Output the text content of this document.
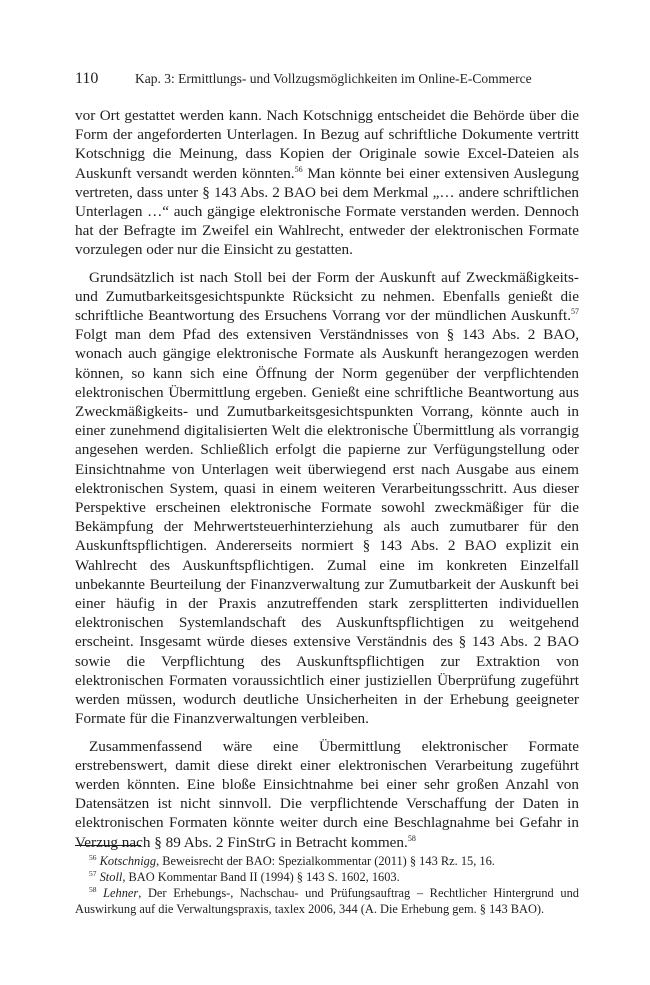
110	Kap. 3: Ermittlungs- und Vollzugsmöglichkeiten im Online-E-Commerce

vor Ort gestattet werden kann. Nach Kotschnigg entscheidet die Behörde über die Form der angeforderten Unterlagen. In Bezug auf schriftliche Dokumente vertritt Kotschnigg die Meinung, dass Kopien der Originale sowie Excel-Dateien als Auskunft versandt werden könnten.$^{56}$ Man könnte bei einer extensiven Auslegung vertreten, dass unter § 143 Abs. 2 BAO bei dem Merkmal „… andere schriftlichen Unterlagen …“ auch gängige elektronische Formate verstanden werden. Dennoch hat der Befragte im Zweifel ein Wahlrecht, entweder der elektronischen Formate vorzulegen oder nur die Einsicht zu gestatten.

Grundsätzlich ist nach Stoll bei der Form der Auskunft auf Zweckmäßigkeits- und Zumutbarkeitsgesichtspunkte Rücksicht zu nehmen. Ebenfalls genießt die schriftliche Beantwortung des Ersuchens Vorrang vor der mündlichen Auskunft.$^{57}$ Folgt man dem Pfad des extensiven Verständnisses von § 143 Abs. 2 BAO, wonach auch gängige elektronische Formate als Auskunft herangezogen werden können, so kann sich eine Öffnung der Norm gegenüber der verpflichtenden elektronischen Übermittlung ergeben. Genießt eine schriftliche Beantwortung aus Zweckmäßigkeits- und Zumutbarkeitsgesichtspunkten Vorrang, könnte auch in einer zunehmend digitalisierten Welt die elektronische Übermittlung als vorrangig angesehen werden. Schließlich erfolgt die papierne zur Verfügungstellung oder Einsichtnahme von Unterlagen weit überwiegend erst nach Ausgabe aus einem elektronischen System, quasi in einem weiteren Verarbeitungsschritt. Aus dieser Perspektive erscheinen elektronische Formate sowohl zweckmäßiger für die Bekämpfung der Mehrwertsteuerhinterziehung als auch zumutbarer für den Auskunftspflichtigen. Andererseits normiert § 143 Abs. 2 BAO explizit ein Wahlrecht des Auskunftspflichtigen. Zumal eine im konkreten Einzelfall unbekannte Beurteilung der Finanzverwaltung zur Zumutbarkeit der Auskunft bei einer häufig in der Praxis anzutreffenden stark zersplitterten individuellen elektronischen Systemlandschaft des Auskunftspflichtigen zu weitgehend erscheint. Insgesamt würde dieses extensive Verständnis des § 143 Abs. 2 BAO sowie die Verpflichtung des Auskunftspflichtigen zur Extraktion von elektronischen Formaten voraussichtlich einer justiziellen Überprüfung zugeführt werden müssen, wodurch deutliche Unsicherheiten in der Erhebung geeigneter Formate für die Finanzverwaltungen verbleiben.

Zusammenfassend wäre eine Übermittlung elektronischer Formate erstrebenswert, damit diese direkt einer elektronischen Verarbeitung zugeführt werden könnten. Eine bloße Einsichtnahme bei einer sehr großen Anzahl von Datensätzen ist nicht sinnvoll. Die verpflichtende Verschaffung der Daten in elektronischen Formaten könnte weiter durch eine Beschlagnahme bei Gefahr in Verzug nach § 89 Abs. 2 FinStrG in Betracht kommen.$^{58}$

$^{56}$ Kotschnigg, Beweisrecht der BAO: Spezialkommentar (2011) § 143 Rz. 15, 16.

$^{57}$ Stoll, BAO Kommentar Band II (1994) § 143 S. 1602, 1603.

$^{58}$ Lehner, Der Erhebungs-, Nachschau- und Prüfungsauftrag – Rechtlicher Hintergrund und Auswirkung auf die Verwaltungspraxis, taxlex 2006, 344 (A. Die Erhebung gem. § 143 BAO).
